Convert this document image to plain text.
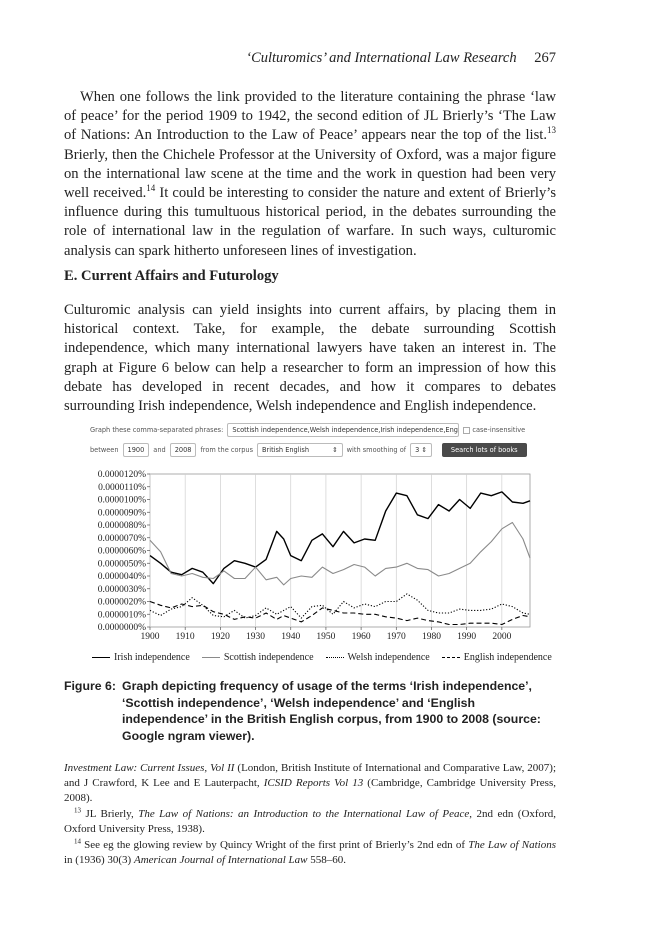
‘Culturomics’ and International Law Research 267
When one follows the link provided to the literature containing the phrase ‘law of peace’ for the period 1909 to 1942, the second edition of JL Brierly’s ‘The Law of Nations: An Introduction to the Law of Peace’ appears near the top of the list.$^{13}$ Brierly, then the Chichele Professor at the University of Oxford, was a major figure on the international law scene at the time and the work in question had been very well received.$^{14}$ It could be interesting to consider the nature and extent of Brierly’s influence during this tumultuous historical period, in the debates surrounding the role of international law in the regulation of warfare. In such ways, culturomic analysis can spark hitherto unforeseen lines of investigation.
E. Current Affairs and Futurology
Culturomic analysis can yield insights into current affairs, by placing them in historical context. Take, for example, the debate surrounding Scottish independence, which many international lawyers have taken an interest in. The graph at Figure 6 below can help a researcher to form an impression of how this debate has developed in recent decades, and how it compares to debates surrounding Irish independence, Welsh independence and English independence.
Graph these comma-separated phrases:	Scottish independence,Welsh independence,Irish independence,Eng	case-insensitive
between	1900	and	2008	from the corpus	British English           ⇕	with smoothing of	3 ⇕	Search lots of books
1900 1910 1920 1930 1940 1950 1960 1970 1980 1990 2000
0.0000000%
0.0000010%
0.0000020%
0.0000030%
0.0000040%
0.0000050%
0.0000060%
0.0000070%
0.0000080%
0.0000090%
0.0000100%
0.0000110%
0.0000120%
Irish independence	Scottish independence	Welsh independence	English independence
Figure 6: Graph depicting frequency of usage of the terms ‘Irish independence’, ‘Scottish independence’, ‘Welsh independence’ and ‘English independence’ in the British English corpus, from 1900 to 2008 (source: Google ngram viewer).

Investment Law: Current Issues, Vol II (London, British Institute of International and Comparative Law, 2007); and J Crawford, K Lee and E Lauterpacht, ICSID Reports Vol 13 (Cambridge, Cambridge University Press, 2008).

$^{13}$ JL Brierly, The Law of Nations: an Introduction to the International Law of Peace, 2nd edn (Oxford, Oxford University Press, 1938).

$^{14}$ See eg the glowing review by Quincy Wright of the first print of Brierly’s 2nd edn of The Law of Nations in (1936) 30(3) American Journal of International Law 558–60.
